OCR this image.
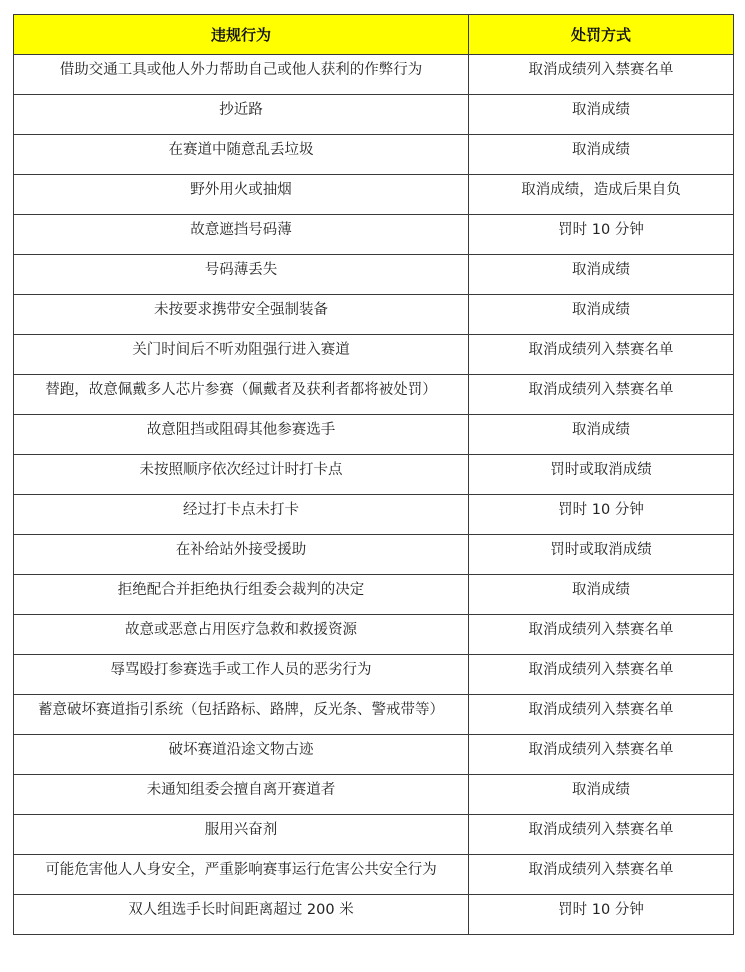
违规行为	处罚方式
借助交通工具或他人外力帮助自己或他人获利的作弊行为	取消成绩列入禁赛名单
抄近路	取消成绩
在赛道中随意乱丢垃圾	取消成绩
野外用火或抽烟	取消成绩，造成后果自负
故意遮挡号码薄	罚时 10 分钟
号码薄丢失	取消成绩
未按要求携带安全强制装备	取消成绩
关门时间后不听劝阻强行进入赛道	取消成绩列入禁赛名单
替跑，故意佩戴多人芯片参赛（佩戴者及获利者都将被处罚）	取消成绩列入禁赛名单
故意阻挡或阻碍其他参赛选手	取消成绩
未按照顺序依次经过计时打卡点	罚时或取消成绩
经过打卡点未打卡	罚时 10 分钟
在补给站外接受援助	罚时或取消成绩
拒绝配合并拒绝执行组委会裁判的决定	取消成绩
故意或恶意占用医疗急救和救援资源	取消成绩列入禁赛名单
辱骂殴打参赛选手或工作人员的恶劣行为	取消成绩列入禁赛名单
蓄意破坏赛道指引系统（包括路标、路牌，反光条、警戒带等）	取消成绩列入禁赛名单
破坏赛道沿途文物古迹	取消成绩列入禁赛名单
未通知组委会擅自离开赛道者	取消成绩
服用兴奋剂	取消成绩列入禁赛名单
可能危害他人人身安全，严重影响赛事运行危害公共安全行为	取消成绩列入禁赛名单
双人组选手长时间距离超过 200 米	罚时 10 分钟
